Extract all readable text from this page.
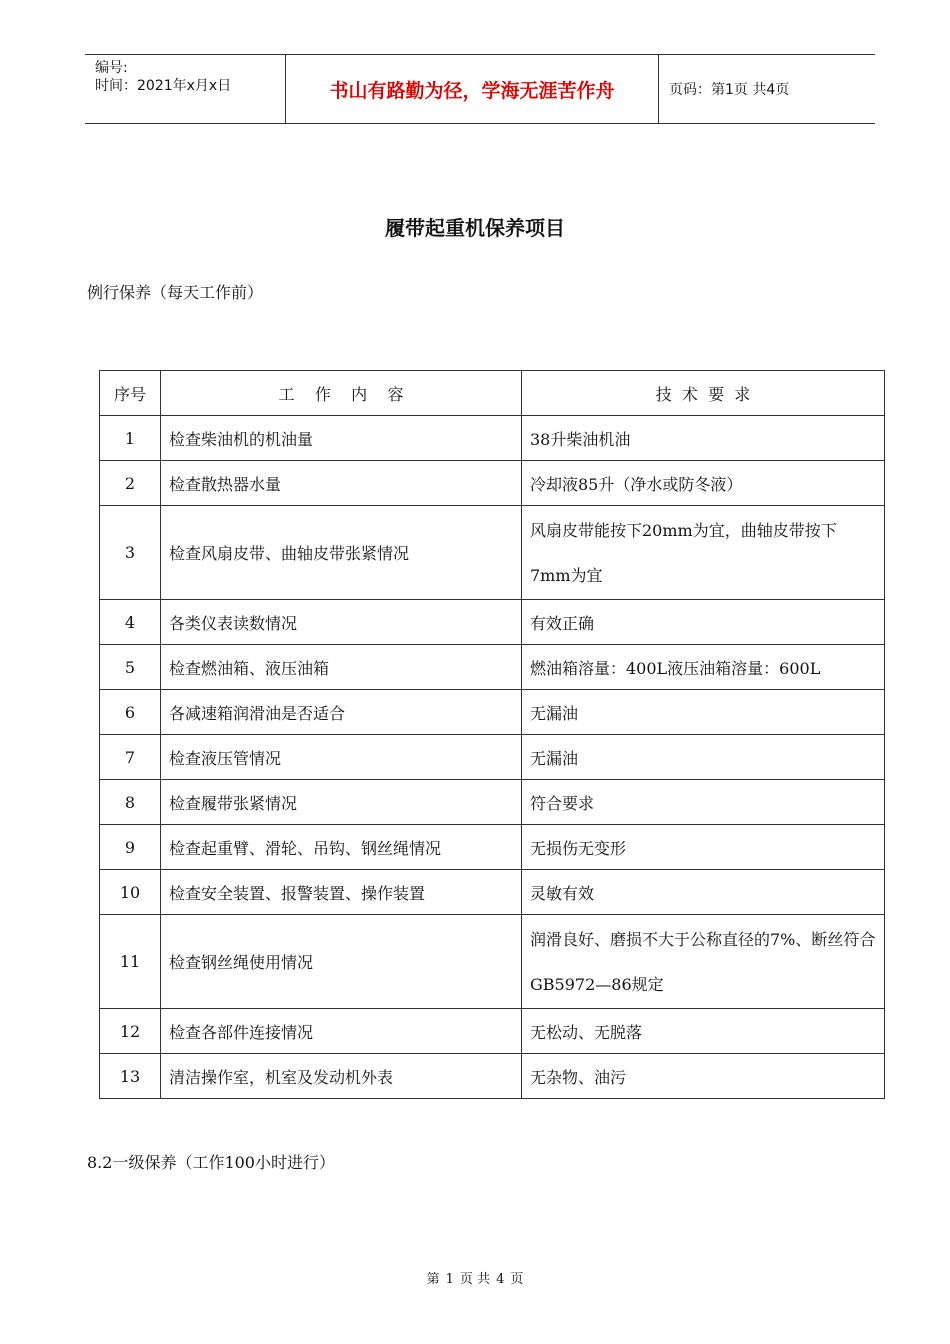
编号:
时间：2021年x月x日	书山有路勤为径，学海无涯苦作舟	页码：第1页 共4页
履带起重机保养项目
例行保养（每天工作前）
序号	工    作    内    容	技  术  要  求
1	检查柴油机的机油量	38升柴油机油
2	检查散热器水量	冷却液85升（净水或防冬液）
3	检查风扇皮带、曲轴皮带张紧情况	风扇皮带能按下20mm为宜，曲轴皮带按下7mm为宜
4	各类仪表读数情况	有效正确
5	检查燃油箱、液压油箱	燃油箱溶量：400L液压油箱溶量：600L
6	各减速箱润滑油是否适合	无漏油
7	检查液压管情况	无漏油
8	检查履带张紧情况	符合要求
9	检查起重臂、滑轮、吊钩、钢丝绳情况	无损伤无变形
10	检查安全装置、报警装置、操作装置	灵敏有效
11	检查钢丝绳使用情况	润滑良好、磨损不大于公称直径的7%、断丝符合GB5972—86规定
12	检查各部件连接情况	无松动、无脱落
13	清洁操作室，机室及发动机外表	无杂物、油污
8.2一级保养（工作100小时进行）
第 1 页 共 4 页
